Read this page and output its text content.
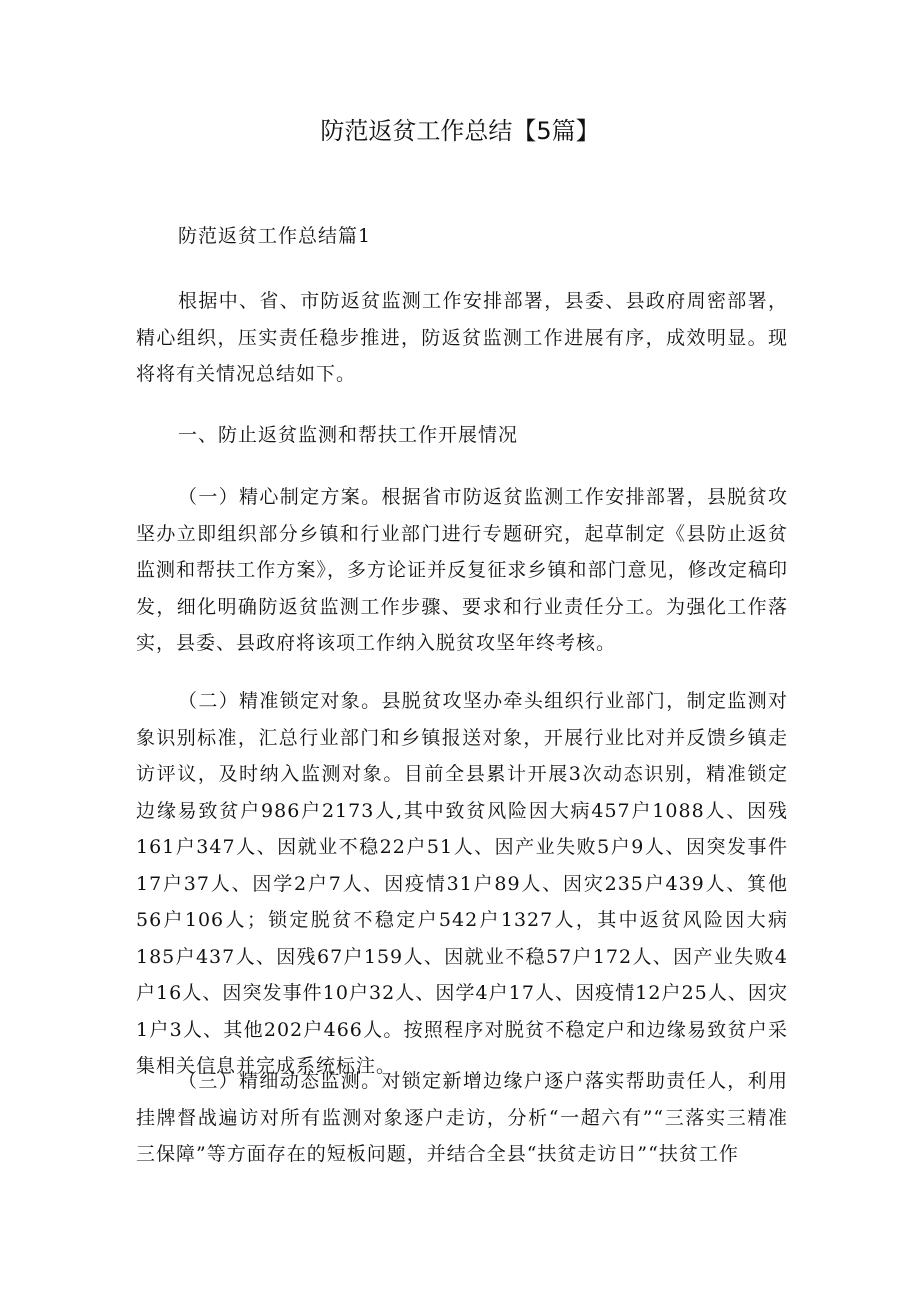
防范返贫工作总结【5篇】

防范返贫工作总结篇1

根据中、省、市防返贫监测工作安排部署，县委、县政府周密部署，精心组织，压实责任稳步推进，防返贫监测工作进展有序，成效明显。现将将有关情况总结如下。

一、防止返贫监测和帮扶工作开展情况

（一）精心制定方案。根据省市防返贫监测工作安排部署，县脱贫攻坚办立即组织部分乡镇和行业部门进行专题研究，起草制定《县防止返贫监测和帮扶工作方案》，多方论证并反复征求乡镇和部门意见，修改定稿印发，细化明确防返贫监测工作步骤、要求和行业责任分工。为强化工作落实，县委、县政府将该项工作纳入脱贫攻坚年终考核。

（二）精准锁定对象。县脱贫攻坚办牵头组织行业部门，制定监测对象识别标准，汇总行业部门和乡镇报送对象，开展行业比对并反馈乡镇走访评议，及时纳入监测对象。目前全县累计开展3次动态识别，精准锁定边缘易致贫户986户2173人,其中致贫风险因大病457户1088人、因残161户347人、因就业不稳22户51人、因产业失败5户9人、因突发事件17户37人、因学2户7人、因疫情31户89人、因灾235户439人、箕他56户106人；锁定脱贫不稳定户542户1327人，其中返贫风险因大病185户437人、因残67户159人、因就业不稳57户172人、因产业失败4户16人、因突发事件10户32人、因学4户17人、因疫情12户25人、因灾1户3人、其他202户466人。按照程序对脱贫不稳定户和边缘易致贫户采集相关信息并完成系统标注。

（三）精细动态监测。对锁定新增边缘户逐户落实帮助责任人，利用挂牌督战遍访对所有监测对象逐户走访，分析“一超六有”“三落实三精准三保障”等方面存在的短板问题，并结合全县“扶贫走访日”“扶贫工作
